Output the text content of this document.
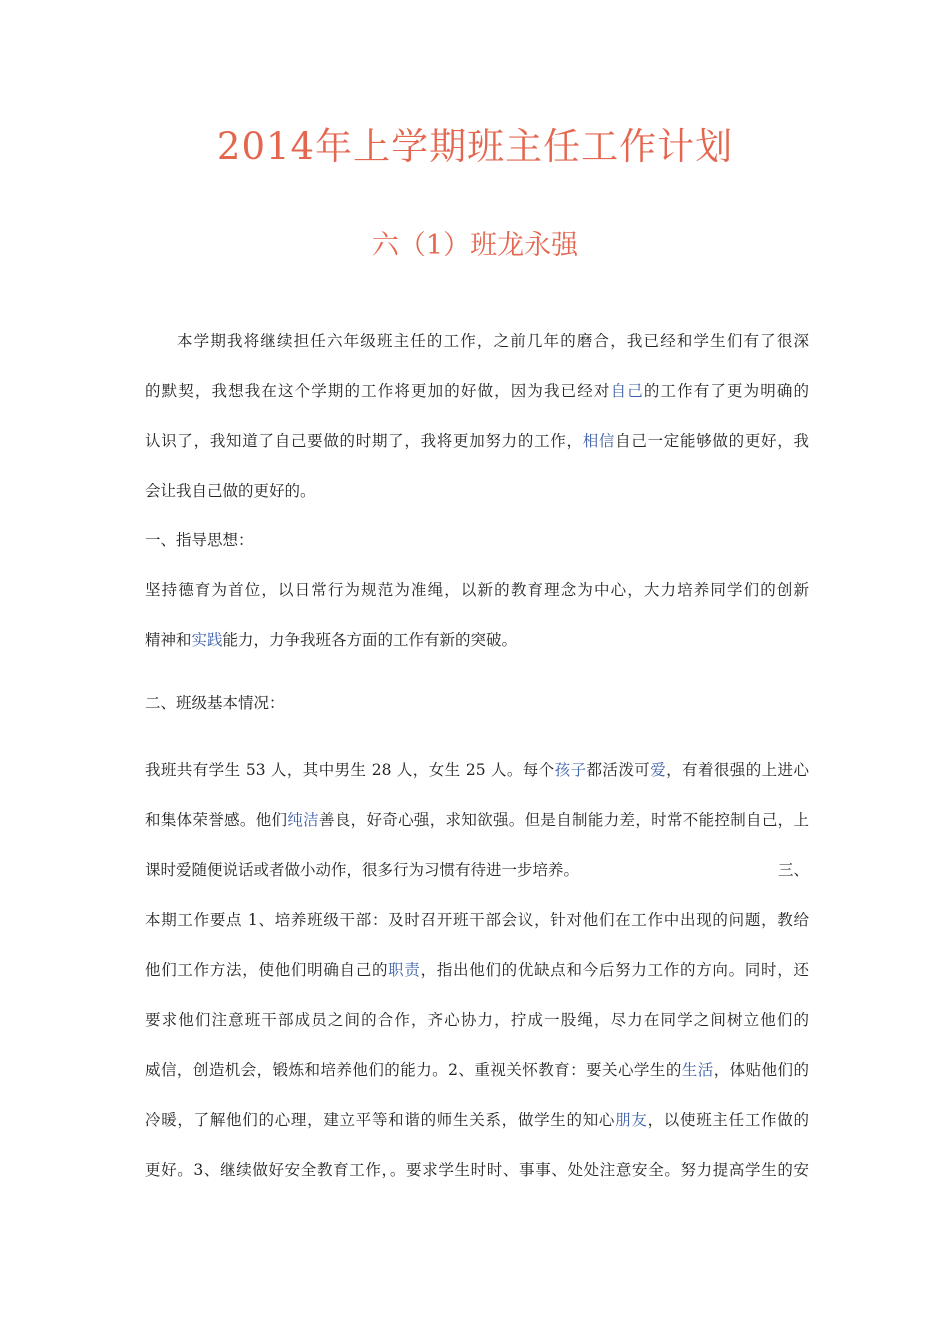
2014年上学期班主任工作计划
六（1）班龙永强
本学期我将继续担任六年级班主任的工作，之前几年的磨合，我已经和学生们有了很深
的默契，我想我在这个学期的工作将更加的好做，因为我已经对自己的工作有了更为明确的
认识了，我知道了自己要做的时期了，我将更加努力的工作，相信自己一定能够做的更好，我
会让我自己做的更好的。
一、指导思想：
坚持德育为首位，以日常行为规范为准绳，以新的教育理念为中心，大力培养同学们的创新
精神和实践能力，力争我班各方面的工作有新的突破。
二、班级基本情况：
我班共有学生 53 人，其中男生 28 人，女生 25 人。每个孩子都活泼可爱，有着很强的上进心
和集体荣誉感。他们纯洁善良，好奇心强，求知欲强。但是自制能力差，时常不能控制自己，上
课时爱随便说话或者做小动作，很多行为习惯有待进一步培养。	三、
本期工作要点 1、培养班级干部：及时召开班干部会议，针对他们在工作中出现的问题，教给
他们工作方法，使他们明确自己的职责，指出他们的优缺点和今后努力工作的方向。同时，还
要求他们注意班干部成员之间的合作，齐心协力，拧成一股绳，尽力在同学之间树立他们的
威信，创造机会，锻炼和培养他们的能力。2、重视关怀教育：要关心学生的生活，体贴他们的
冷暖，了解他们的心理，建立平等和谐的师生关系，做学生的知心朋友，以使班主任工作做的
更好。3、继续做好安全教育工作，。要求学生时时、事事、处处注意安全。努力提高学生的安
